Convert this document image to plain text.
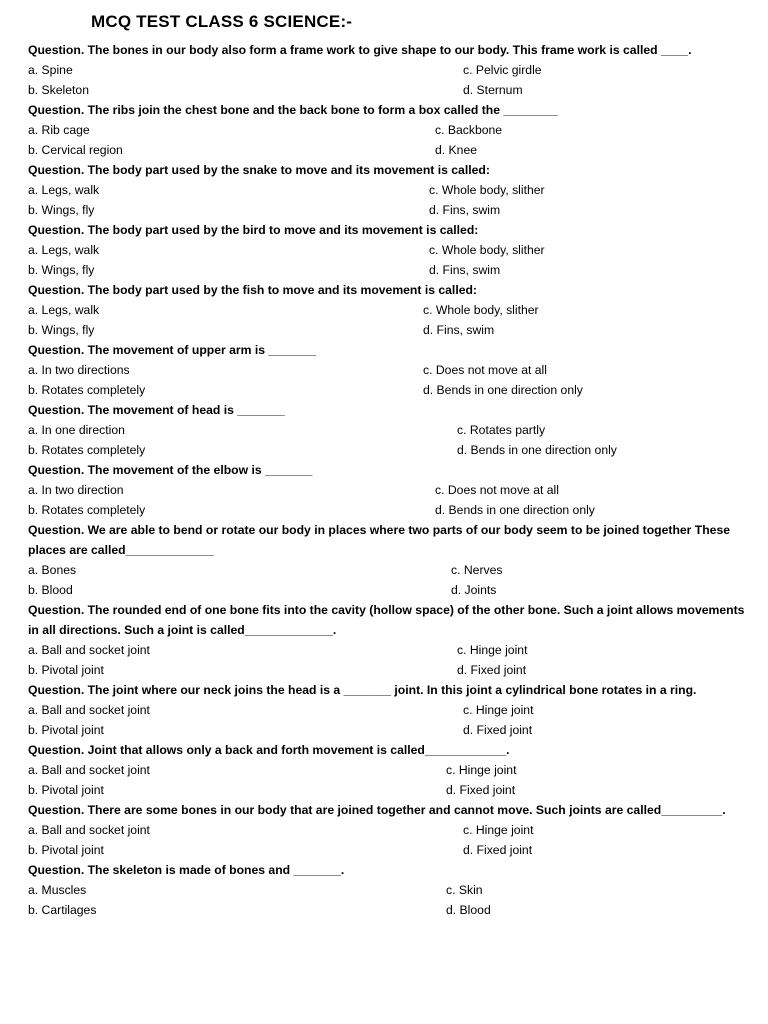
MCQ TEST CLASS 6 SCIENCE:-

Question. The bones in our body also form a frame work to give shape to our body. This frame work is called ____.

a. Spine	c. Pelvic girdle
b. Skeleton	d. Sternum

Question. The ribs join the chest bone and the back bone to form a box called the ________

a. Rib cage	c. Backbone
b. Cervical region	d. Knee

Question. The body part used by the snake to move and its movement is called:

a. Legs, walk	c. Whole body, slither
b. Wings, fly	d. Fins, swim

Question. The body part used by the bird to move and its movement is called:

a. Legs, walk	c. Whole body, slither
b. Wings, fly	d. Fins, swim

Question. The body part used by the fish to move and its movement is called:

a. Legs, walk	c. Whole body, slither
b. Wings, fly	d. Fins, swim

Question. The movement of upper arm is _______

a. In two directions	c. Does not move at all
b. Rotates completely	d. Bends in one direction only

Question. The movement of head is _______

a. In one direction	c. Rotates partly
b. Rotates completely	d. Bends in one direction only

Question. The movement of the elbow is _______

a. In two direction	c. Does not move at all
b. Rotates completely	d. Bends in one direction only

Question. We are able to bend or rotate our body in places where two parts of our body seem to be joined together These places are called_____________

a. Bones	c. Nerves
b. Blood	d. Joints

Question. The rounded end of one bone fits into the cavity (hollow space) of the other bone. Such a joint allows movements in all directions. Such a joint is called_____________.

a. Ball and socket joint	c. Hinge joint
b. Pivotal joint	d. Fixed joint

Question. The joint where our neck joins the head is a _______ joint. In this joint a cylindrical bone rotates in a ring.

a. Ball and socket joint	c. Hinge joint
b. Pivotal joint	d. Fixed joint

Question. Joint that allows only a back and forth movement is called____________.

a. Ball and socket joint	c. Hinge joint
b. Pivotal joint	d. Fixed joint

Question. There are some bones in our body that are joined together and cannot move. Such joints are called_________.

a. Ball and socket joint	c. Hinge joint
b. Pivotal joint	d. Fixed joint

Question. The skeleton is made of bones and _______.

a. Muscles	c. Skin
b. Cartilages	d. Blood
